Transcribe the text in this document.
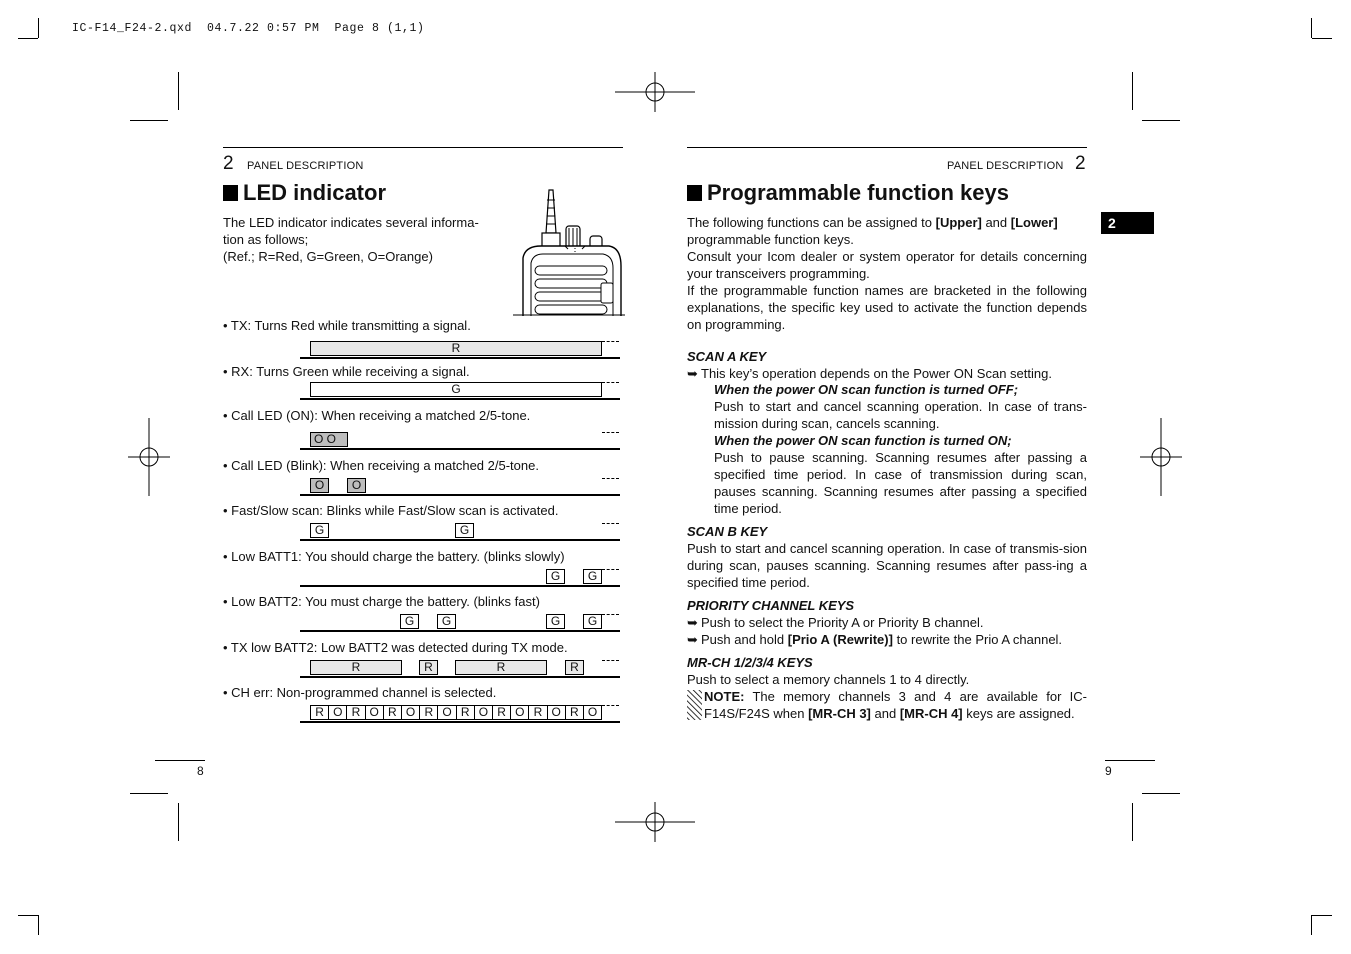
IC-F14_F24-2.qxd  04.7.22 0:57 PM  Page 8 (1,1)
2 PANEL DESCRIPTION
LED indicator
The LED indicator indicates several informa-
tion as follows;
(Ref.; R=Red, G=Green, O=Orange)
• TX: Turns Red while transmitting a signal.
R
• RX: Turns Green while receiving a signal.
G
• Call LED (ON): When receiving a matched 2/5-tone.
O O
• Call LED (Blink): When receiving a matched 2/5-tone.
O	O
• Fast/Slow scan: Blinks while Fast/Slow scan is activated.
G	G
• Low BATT1: You should charge the battery. (blinks slowly)
G	G
• Low BATT2: You must charge the battery. (blinks fast)
G	G	G	G
• TX low BATT2: Low BATT2 was detected during TX mode.
R	R	R	R
• CH err: Non-programmed channel is selected.
R O R O R O R O R O R O R O R O
8
PANEL DESCRIPTION 2
Programmable function keys
2
The following functions can be assigned to [Upper] and [Lower]
programmable function keys.
Consult your Icom dealer or system operator for details concerning your transceivers programming.
If the programmable function names are bracketed in the following explanations, the specific key used to activate the function depends on programming.
SCAN A KEY
➥ This key’s operation depends on the Power ON Scan setting.
When the power ON scan function is turned OFF;
Push to start and cancel scanning operation. In case of trans-mission during scan, cancels scanning.
When the power ON scan function is turned ON;
Push to pause scanning. Scanning resumes after passing a specified time period. In case of transmission during scan, pauses scanning. Scanning resumes after passing a specified time period.
SCAN B KEY
Push to start and cancel scanning operation. In case of transmis-sion during scan, pauses scanning. Scanning resumes after pass-ing a specified time period.
PRIORITY CHANNEL KEYS
➥ Push to select the Priority A or Priority B channel.
➥ Push and hold [Prio A (Rewrite)] to rewrite the Prio A channel.
MR-CH 1/2/3/4 KEYS
Push to select a memory channels 1 to 4 directly.
NOTE: The memory channels 3 and 4 are available for IC-
F14S/F24S when [MR-CH 3] and [MR-CH 4] keys are assigned.
9
